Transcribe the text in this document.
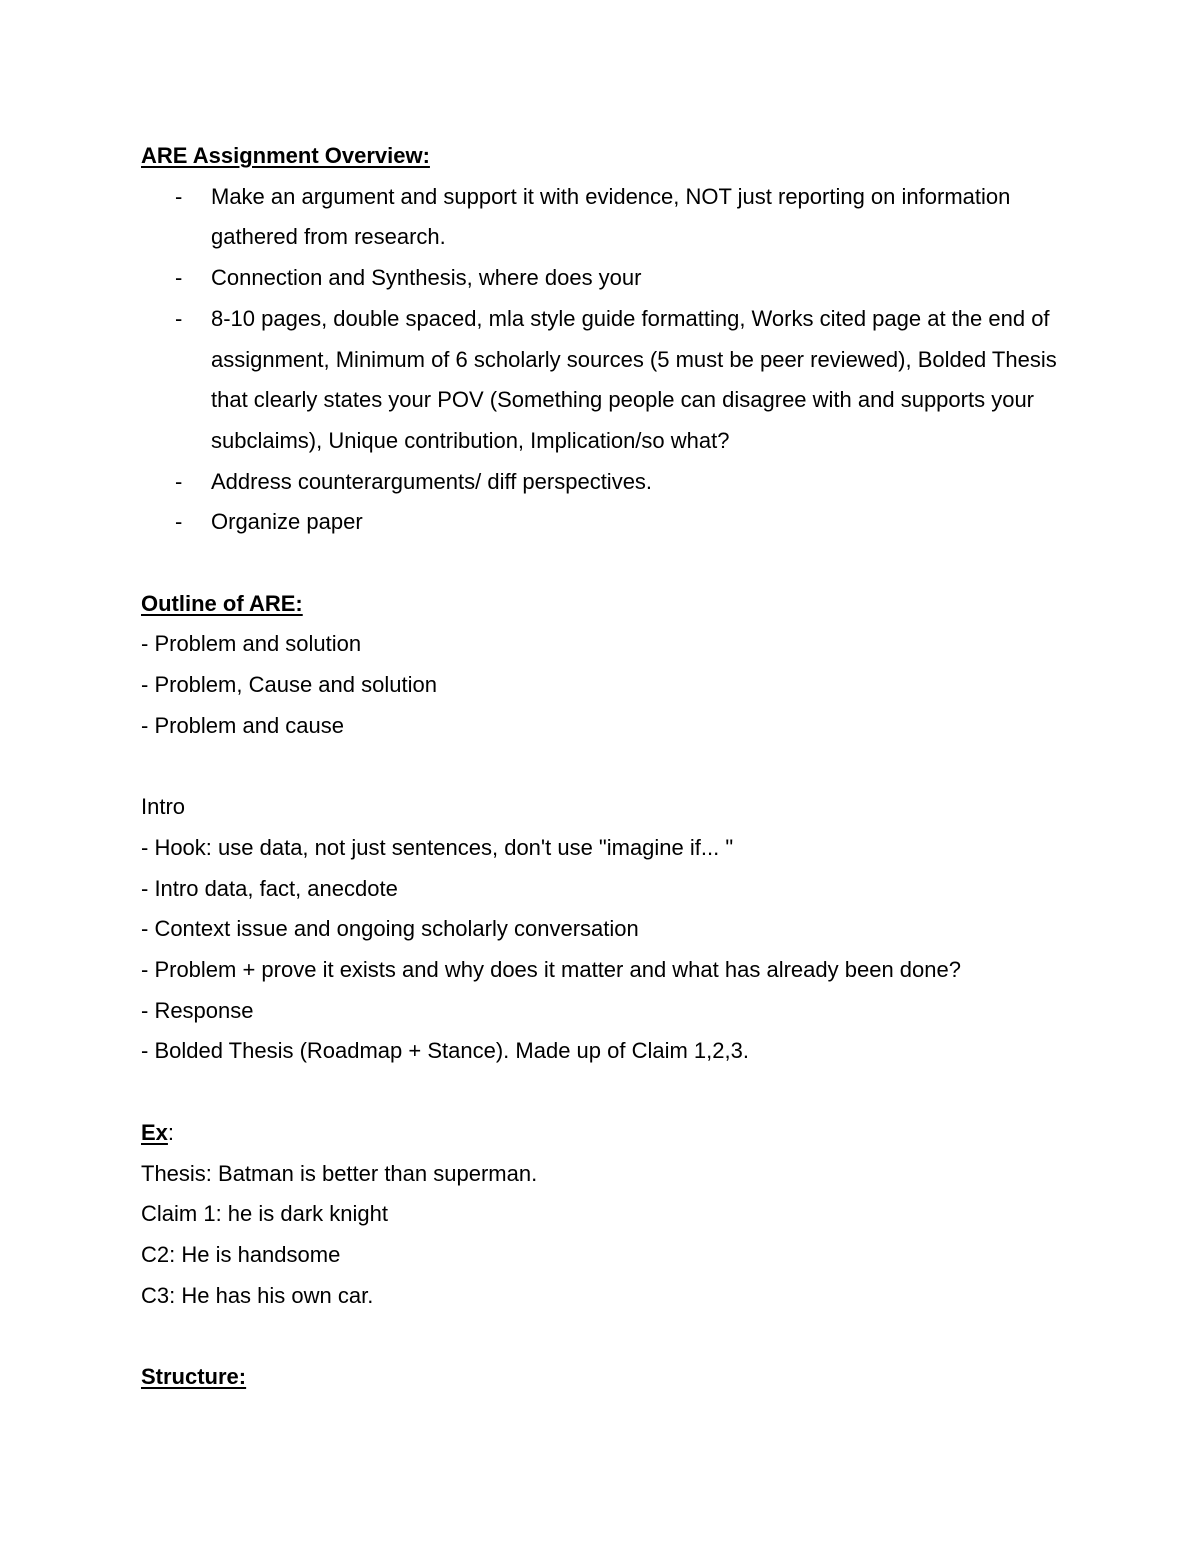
ARE Assignment Overview:

- Make an argument and support it with evidence, NOT just reporting on information gathered from research.
- Connection and Synthesis, where does your
- 8-10 pages, double spaced, mla style guide formatting, Works cited page at the end of assignment, Minimum of 6 scholarly sources (5 must be peer reviewed), Bolded Thesis that clearly states your POV (Something people can disagree with and supports your subclaims), Unique contribution, Implication/so what?
- Address counterarguments/ diff perspectives.
- Organize paper

Outline of ARE:

- Problem and solution

- Problem, Cause and solution

- Problem and cause

Intro

- Hook: use data, not just sentences, don't use "imagine if... "

- Intro data, fact, anecdote

- Context issue and ongoing scholarly conversation

- Problem + prove it exists and why does it matter and what has already been done?

- Response

- Bolded Thesis (Roadmap + Stance). Made up of Claim 1,2,3.

Ex:

Thesis: Batman is better than superman.

Claim 1: he is dark knight

C2: He is handsome

C3: He has his own car.

Structure:
